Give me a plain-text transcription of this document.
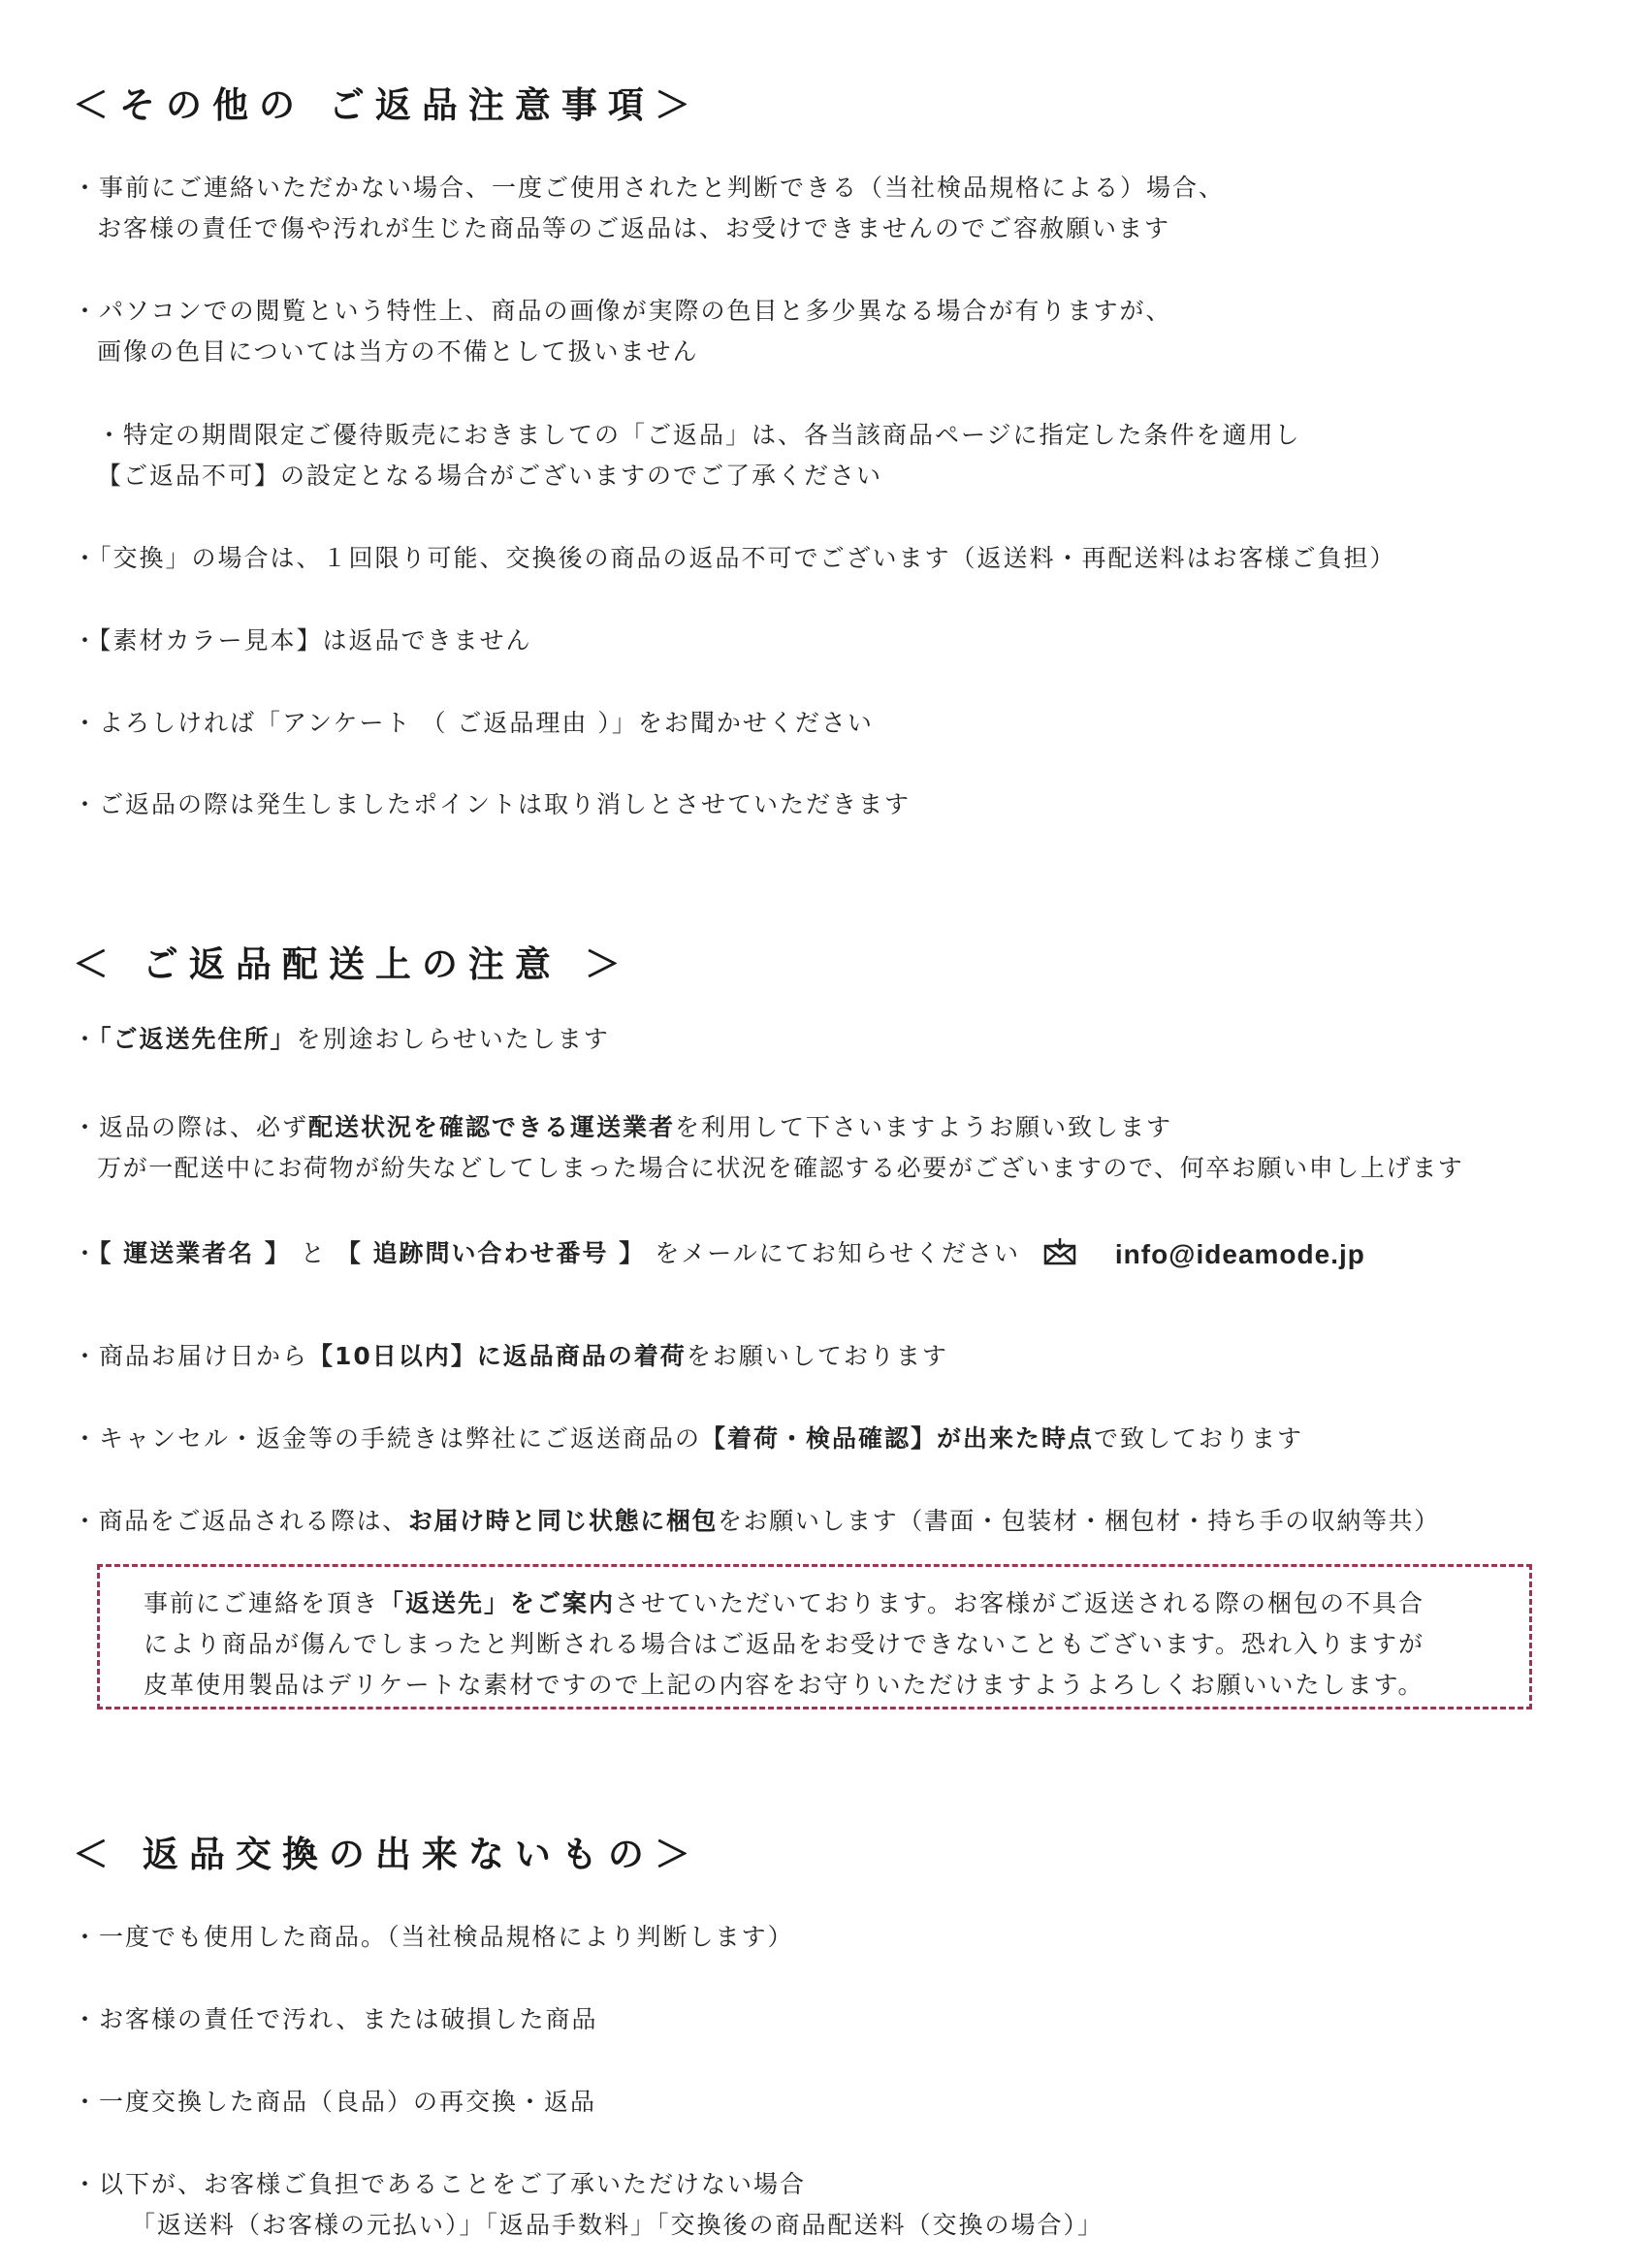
＜その他の ご返品注意事項＞
・事前にご連絡いただかない場合、一度ご使用されたと判断できる（当社検品規格による）場合、
お客様の責任で傷や汚れが生じた商品等のご返品は、お受けできませんのでご容赦願います
・パソコンでの閲覧という特性上、商品の画像が実際の色目と多少異なる場合が有りますが、
画像の色目については当方の不備として扱いません
・特定の期間限定ご優待販売におきましての「ご返品」は、各当該商品ページに指定した条件を適用し
【ご返品不可】の設定となる場合がございますのでご了承ください
・「交換」の場合は、１回限り可能、交換後の商品の返品不可でございます（返送料・再配送料はお客様ご負担）
・【素材カラー見本】は返品できません
・よろしければ「アンケート （ ご返品理由 ）」をお聞かせください
・ご返品の際は発生しましたポイントは取り消しとさせていただきます
＜ ご返品配送上の注意 ＞
・「ご返送先住所」を別途おしらせいたします
・返品の際は、必ず配送状況を確認できる運送業者を利用して下さいますようお願い致します
万が一配送中にお荷物が紛失などしてしまった場合に状況を確認する必要がございますので、何卒お願い申し上げます
・【 運送業者名 】 と 【 追跡問い合わせ番号 】 をメールにてお知らせください	info@ideamode.jp
・商品お届け日から【10日以内】に返品商品の着荷をお願いしております
・キャンセル・返金等の手続きは弊社にご返送商品の【着荷・検品確認】が出来た時点で致しております
・商品をご返品される際は、お届け時と同じ状態に梱包をお願いします（書面・包装材・梱包材・持ち手の収納等共）
事前にご連絡を頂き「返送先」をご案内させていただいております。お客様がご返送される際の梱包の不具合
により商品が傷んでしまったと判断される場合はご返品をお受けできないこともございます。恐れ入りますが
皮革使用製品はデリケートな素材ですので上記の内容をお守りいただけますようよろしくお願いいたします。
＜ 返品交換の出来ないもの＞
・一度でも使用した商品。（当社検品規格により判断します）
・お客様の責任で汚れ、または破損した商品
・一度交換した商品（良品）の再交換・返品
・以下が、お客様ご負担であることをご了承いただけない場合
「返送料（お客様の元払い）」「返品手数料」「交換後の商品配送料（交換の場合）」
